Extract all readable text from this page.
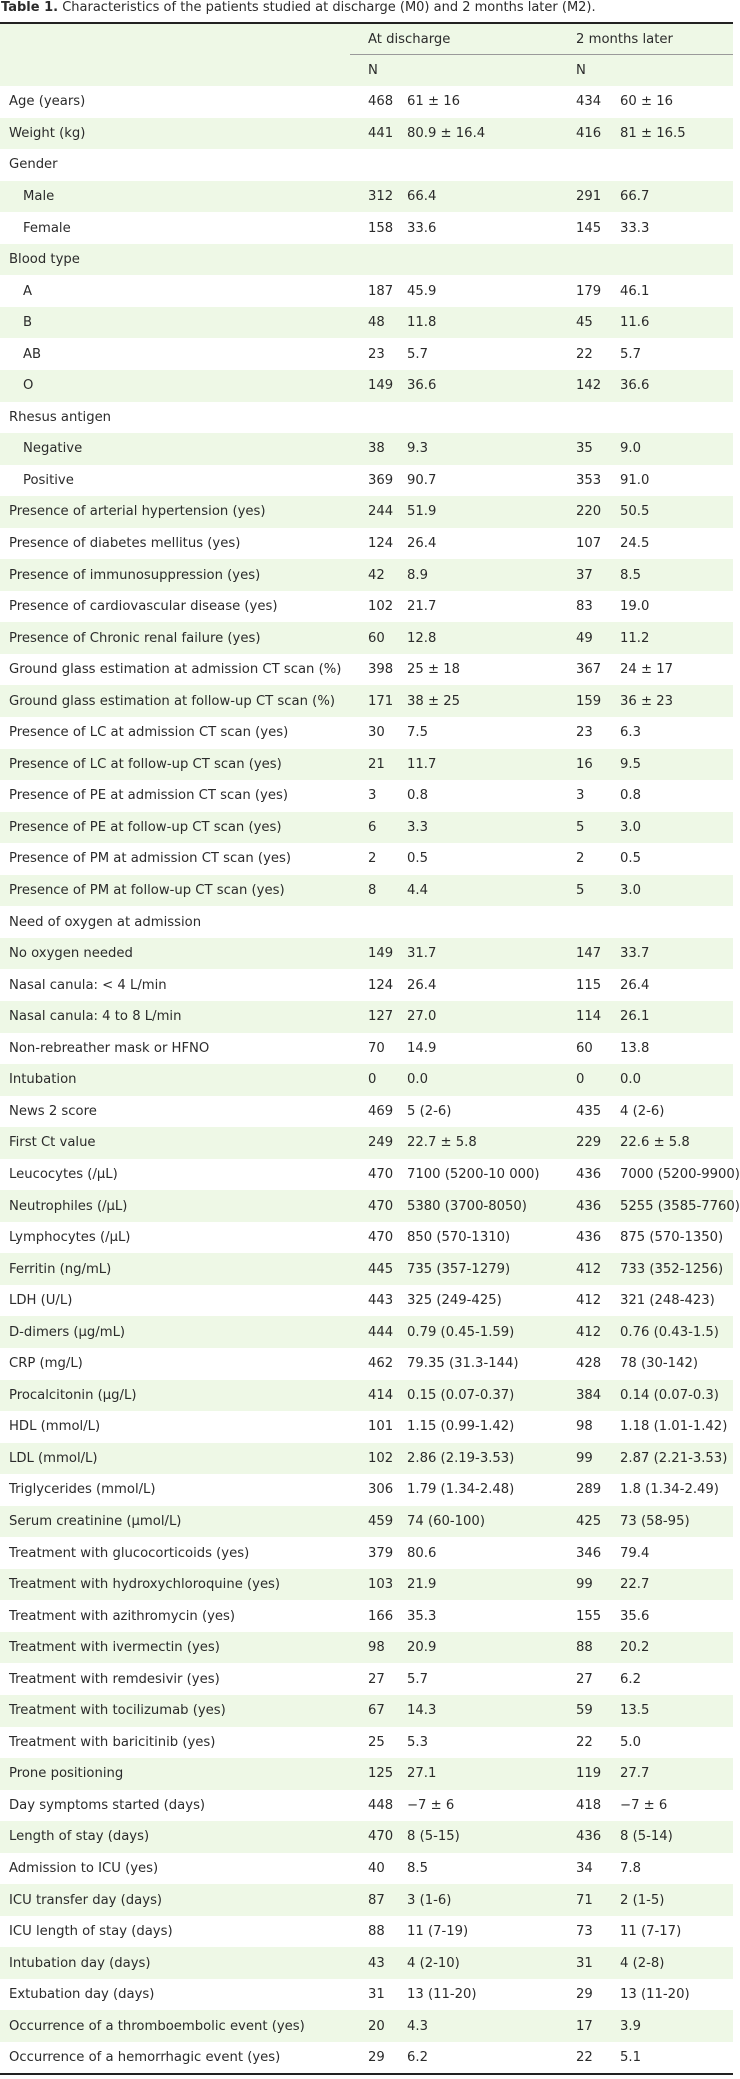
Table 1. Characteristics of the patients studied at discharge (M0) and 2 months later (M2).
	At discharge		2 months later	
	N		N	
Age (years)	468	61 ± 16	434	60 ± 16
Weight (kg)	441	80.9 ± 16.4	416	81 ± 16.5
Gender				
Male	312	66.4	291	66.7
Female	158	33.6	145	33.3
Blood type				
A	187	45.9	179	46.1
B	48	11.8	45	11.6
AB	23	5.7	22	5.7
O	149	36.6	142	36.6
Rhesus antigen				
Negative	38	9.3	35	9.0
Positive	369	90.7	353	91.0
Presence of arterial hypertension (yes)	244	51.9	220	50.5
Presence of diabetes mellitus (yes)	124	26.4	107	24.5
Presence of immunosuppression (yes)	42	8.9	37	8.5
Presence of cardiovascular disease (yes)	102	21.7	83	19.0
Presence of Chronic renal failure (yes)	60	12.8	49	11.2
Ground glass estimation at admission CT scan (%)	398	25 ± 18	367	24 ± 17
Ground glass estimation at follow-up CT scan (%)	171	38 ± 25	159	36 ± 23
Presence of LC at admission CT scan (yes)	30	7.5	23	6.3
Presence of LC at follow-up CT scan (yes)	21	11.7	16	9.5
Presence of PE at admission CT scan (yes)	3	0.8	3	0.8
Presence of PE at follow-up CT scan (yes)	6	3.3	5	3.0
Presence of PM at admission CT scan (yes)	2	0.5	2	0.5
Presence of PM at follow-up CT scan (yes)	8	4.4	5	3.0
Need of oxygen at admission				
No oxygen needed	149	31.7	147	33.7
Nasal canula: < 4 L/min	124	26.4	115	26.4
Nasal canula: 4 to 8 L/min	127	27.0	114	26.1
Non-rebreather mask or HFNO	70	14.9	60	13.8
Intubation	0	0.0	0	0.0
News 2 score	469	5 (2-6)	435	4 (2-6)
First Ct value	249	22.7 ± 5.8	229	22.6 ± 5.8
Leucocytes (/µL)	470	7100 (5200-10 000)	436	7000 (5200-9900)
Neutrophiles (/µL)	470	5380 (3700-8050)	436	5255 (3585-7760)
Lymphocytes (/µL)	470	850 (570-1310)	436	875 (570-1350)
Ferritin (ng/mL)	445	735 (357-1279)	412	733 (352-1256)
LDH (U/L)	443	325 (249-425)	412	321 (248-423)
D-dimers (µg/mL)	444	0.79 (0.45-1.59)	412	0.76 (0.43-1.5)
CRP (mg/L)	462	79.35 (31.3-144)	428	78 (30-142)
Procalcitonin (µg/L)	414	0.15 (0.07-0.37)	384	0.14 (0.07-0.3)
HDL (mmol/L)	101	1.15 (0.99-1.42)	98	1.18 (1.01-1.42)
LDL (mmol/L)	102	2.86 (2.19-3.53)	99	2.87 (2.21-3.53)
Triglycerides (mmol/L)	306	1.79 (1.34-2.48)	289	1.8 (1.34-2.49)
Serum creatinine (µmol/L)	459	74 (60-100)	425	73 (58-95)
Treatment with glucocorticoids (yes)	379	80.6	346	79.4
Treatment with hydroxychloroquine (yes)	103	21.9	99	22.7
Treatment with azithromycin (yes)	166	35.3	155	35.6
Treatment with ivermectin (yes)	98	20.9	88	20.2
Treatment with remdesivir (yes)	27	5.7	27	6.2
Treatment with tocilizumab (yes)	67	14.3	59	13.5
Treatment with baricitinib (yes)	25	5.3	22	5.0
Prone positioning	125	27.1	119	27.7
Day symptoms started (days)	448	−7 ± 6	418	−7 ± 6
Length of stay (days)	470	8 (5-15)	436	8 (5-14)
Admission to ICU (yes)	40	8.5	34	7.8
ICU transfer day (days)	87	3 (1-6)	71	2 (1-5)
ICU length of stay (days)	88	11 (7-19)	73	11 (7-17)
Intubation day (days)	43	4 (2-10)	31	4 (2-8)
Extubation day (days)	31	13 (11-20)	29	13 (11-20)
Occurrence of a thromboembolic event (yes)	20	4.3	17	3.9
Occurrence of a hemorrhagic event (yes)	29	6.2	22	5.1
